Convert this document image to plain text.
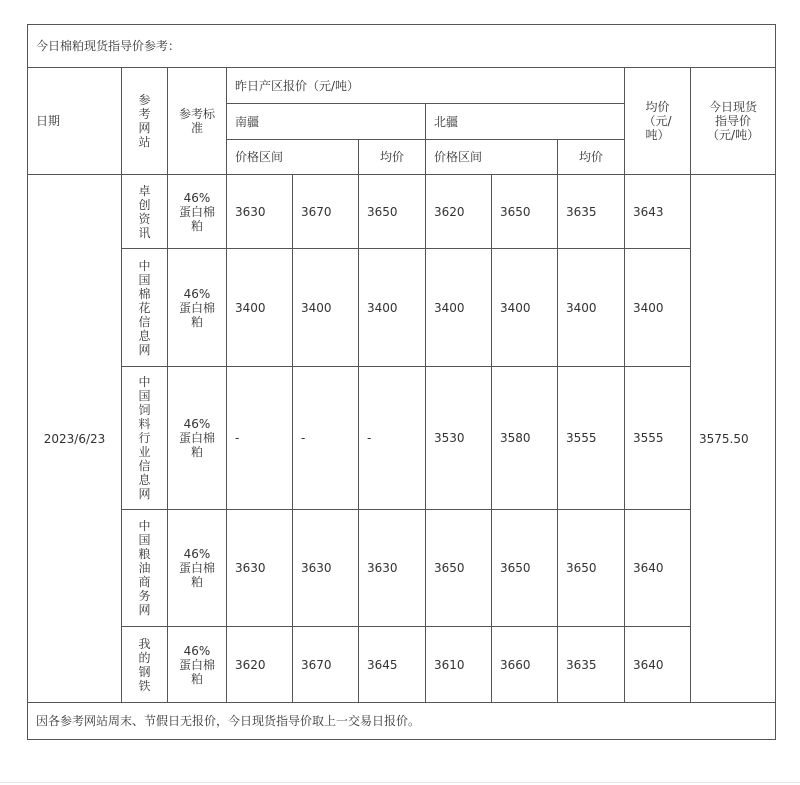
今日棉粕现货指导价参考：										
日期	参考网站	参考标准	昨日产区报价（元/吨）						均价（元/吨）	今日现货指导价（元/吨）
			南疆			北疆				
			价格区间		均价	价格区间		均价		
2023/6/23	卓创资讯	46%蛋白棉粕	3630	3670	3650	3620	3650	3635	3643	3575.50
	中国棉花信息网	46%蛋白棉粕	3400	3400	3400	3400	3400	3400	3400	
	中国饲料行业信息网	46%蛋白棉粕	-	-	-	3530	3580	3555	3555	
	中国粮油商务网	46%蛋白棉粕	3630	3630	3630	3650	3650	3650	3640	
	我的钢铁	46%蛋白棉粕	3620	3670	3645	3610	3660	3635	3640	
因各参考网站周末、节假日无报价，今日现货指导价取上一交易日报价。										
